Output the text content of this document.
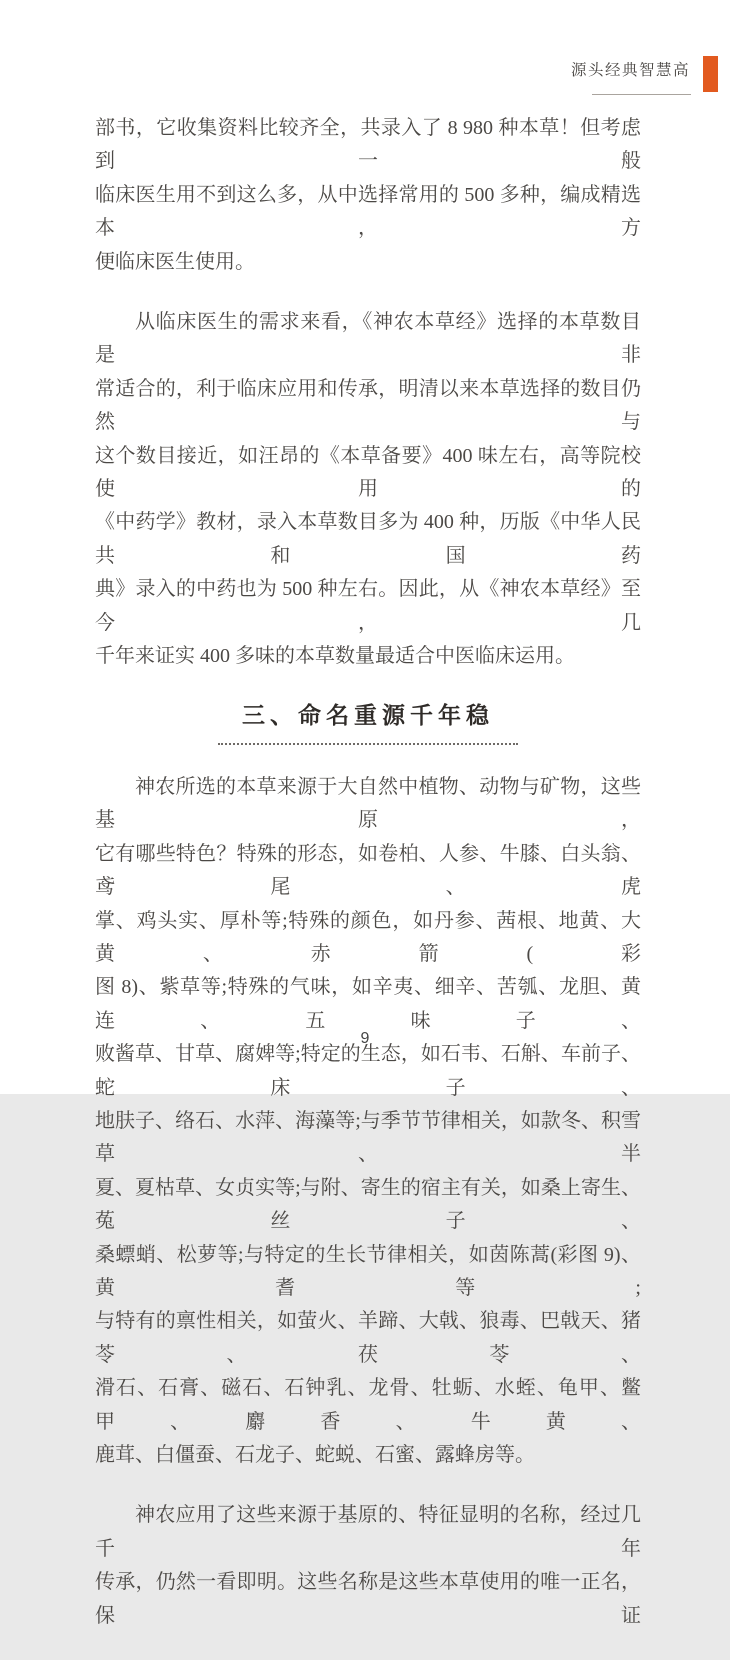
源头经典智慧高

部书，它收集资料比较齐全，共录入了 8 980 种本草！但考虑到一般
临床医生用不到这么多，从中选择常用的 500 多种，编成精选本，方
便临床医生使用。

从临床医生的需求来看，《神农本草经》选择的本草数目是非
常适合的，利于临床应用和传承，明清以来本草选择的数目仍然与
这个数目接近，如汪昂的《本草备要》400 味左右，高等院校使用的
《中药学》教材，录入本草数目多为 400 种，历版《中华人民共和国药
典》录入的中药也为 500 种左右。因此，从《神农本草经》至今，几
千年来证实 400 多味的本草数量最适合中医临床运用。

三、命名重源千年稳

神农所选的本草来源于大自然中植物、动物与矿物，这些基原，
它有哪些特色？特殊的形态，如卷柏、人参、牛膝、白头翁、鸢尾、虎
掌、鸡头实、厚朴等;特殊的颜色，如丹参、茜根、地黄、大黄、赤箭(彩
图 8)、紫草等;特殊的气味，如辛夷、细辛、苦瓠、龙胆、黄连、五味子、
败酱草、甘草、腐婢等;特定的生态，如石韦、石斛、车前子、蛇床子、
地肤子、络石、水萍、海藻等;与季节节律相关，如款冬、积雪草、半
夏、夏枯草、女贞实等;与附、寄生的宿主有关，如桑上寄生、菟丝子、
桑螵蛸、松萝等;与特定的生长节律相关，如茵陈蒿(彩图 9)、黄耆等;
与特有的禀性相关，如萤火、羊蹄、大戟、狼毒、巴戟天、猪苓、茯苓、
滑石、石膏、磁石、石钟乳、龙骨、牡蛎、水蛭、龟甲、鳖甲、麝香、牛黄、
鹿茸、白僵蚕、石龙子、蛇蜕、石蜜、露蜂房等。

神农应用了这些来源于基原的、特征显明的名称，经过几千年
传承，仍然一看即明。这些名称是这些本草使用的唯一正名，保证

9
